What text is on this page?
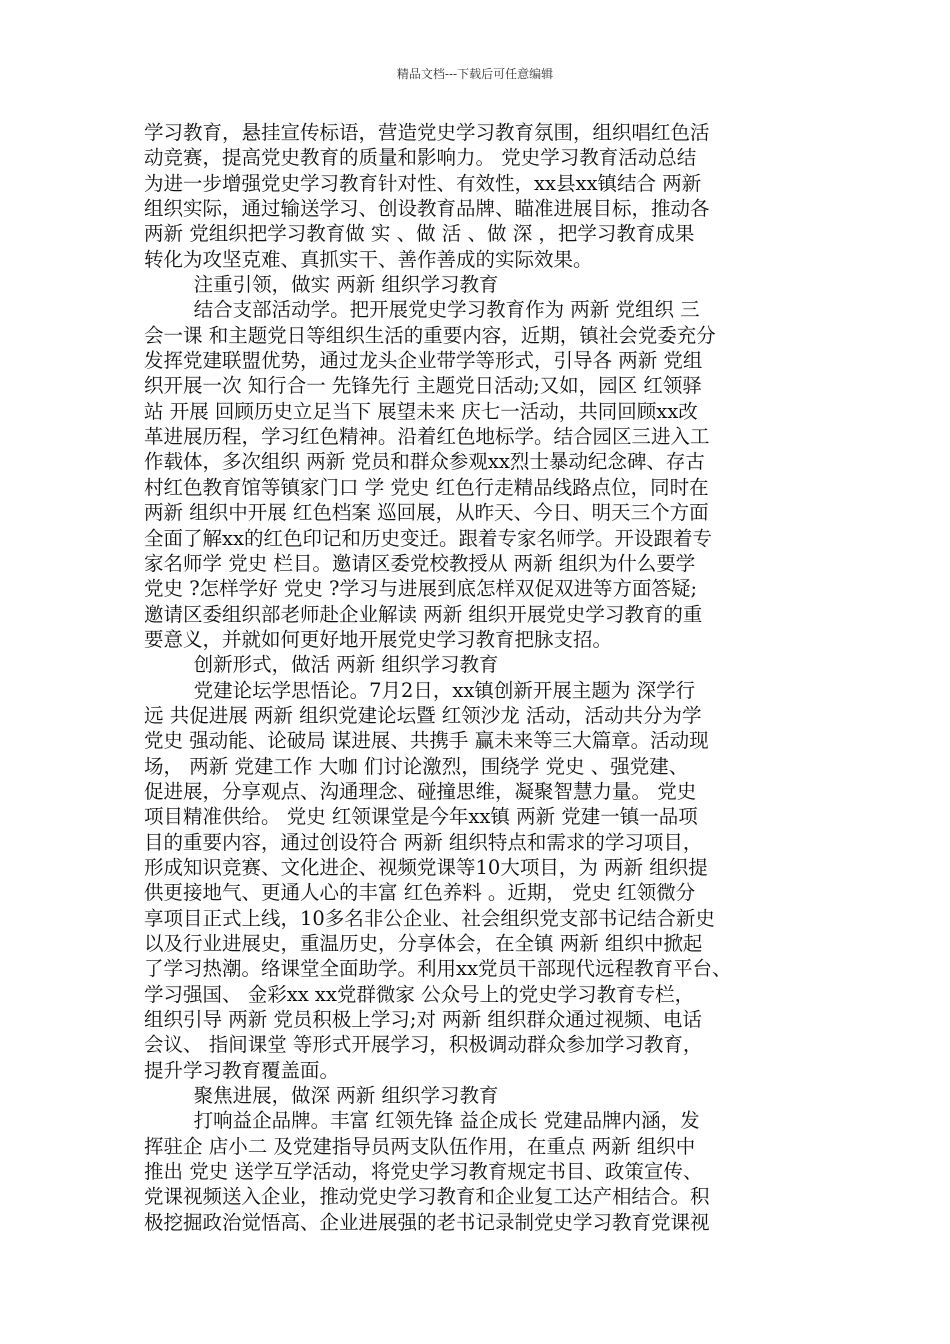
精品文档---下载后可任意编辑
学习教育，悬挂宣传标语，营造党史学习教育氛围，组织唱红色活
动竞赛，提高党史教育的质量和影响力。 党史学习教育活动总结
为进一步增强党史学习教育针对性、有效性，xx县xx镇结合 两新
组织实际，通过输送学习、创设教育品牌、瞄准进展目标，推动各
两新 党组织把学习教育做 实 、做 活 、做 深 ，把学习教育成果
转化为攻坚克难、真抓实干、善作善成的实际效果。
注重引领，做实 两新 组织学习教育
结合支部活动学。把开展党史学习教育作为 两新 党组织 三
会一课 和主题党日等组织生活的重要内容，近期，镇社会党委充分
发挥党建联盟优势，通过龙头企业带学等形式，引导各 两新 党组
织开展一次 知行合一 先锋先行 主题党日活动;又如，园区 红领驿
站 开展 回顾历史立足当下 展望未来 庆七一活动，共同回顾xx改
革进展历程，学习红色精神。沿着红色地标学。结合园区三进入工
作载体，多次组织 两新 党员和群众参观xx烈士暴动纪念碑、存古
村红色教育馆等镇家门口 学 党史 红色行走精品线路点位，同时在
两新 组织中开展 红色档案 巡回展，从昨天、今日、明天三个方面
全面了解xx的红色印记和历史变迁。跟着专家名师学。开设跟着专
家名师学 党史 栏目。邀请区委党校教授从 两新 组织为什么要学
党史 ?怎样学好 党史 ?学习与进展到底怎样双促双进等方面答疑;
邀请区委组织部老师赴企业解读 两新 组织开展党史学习教育的重
要意义，并就如何更好地开展党史学习教育把脉支招。
创新形式，做活 两新 组织学习教育
党建论坛学思悟论。7月2日，xx镇创新开展主题为 深学行
远 共促进展 两新 组织党建论坛暨 红领沙龙 活动，活动共分为学
党史 强动能、论破局 谋进展、共携手 赢未来等三大篇章。活动现
场， 两新 党建工作 大咖 们讨论激烈，围绕学 党史 、强党建、
促进展，分享观点、沟通理念、碰撞思维，凝聚智慧力量。 党史
项目精准供给。 党史 红领课堂是今年xx镇 两新 党建一镇一品项
目的重要内容，通过创设符合 两新 组织特点和需求的学习项目，
形成知识竞赛、文化进企、视频党课等10大项目，为 两新 组织提
供更接地气、更通人心的丰富 红色养料 。近期， 党史 红领微分
享项目正式上线，10多名非公企业、社会组织党支部书记结合新史
以及行业进展史，重温历史，分享体会，在全镇 两新 组织中掀起
了学习热潮。络课堂全面助学。利用xx党员干部现代远程教育平台、
学习强国、 金彩xx xx党群微家 公众号上的党史学习教育专栏，
组织引导 两新 党员积极上学习;对 两新 组织群众通过视频、电话
会议、 指间课堂 等形式开展学习，积极调动群众参加学习教育，
提升学习教育覆盖面。
聚焦进展，做深 两新 组织学习教育
打响益企品牌。丰富 红领先锋 益企成长 党建品牌内涵，发
挥驻企 店小二 及党建指导员两支队伍作用，在重点 两新 组织中
推出 党史 送学互学活动，将党史学习教育规定书目、政策宣传、
党课视频送入企业，推动党史学习教育和企业复工达产相结合。积
极挖掘政治觉悟高、企业进展强的老书记录制党史学习教育党课视
